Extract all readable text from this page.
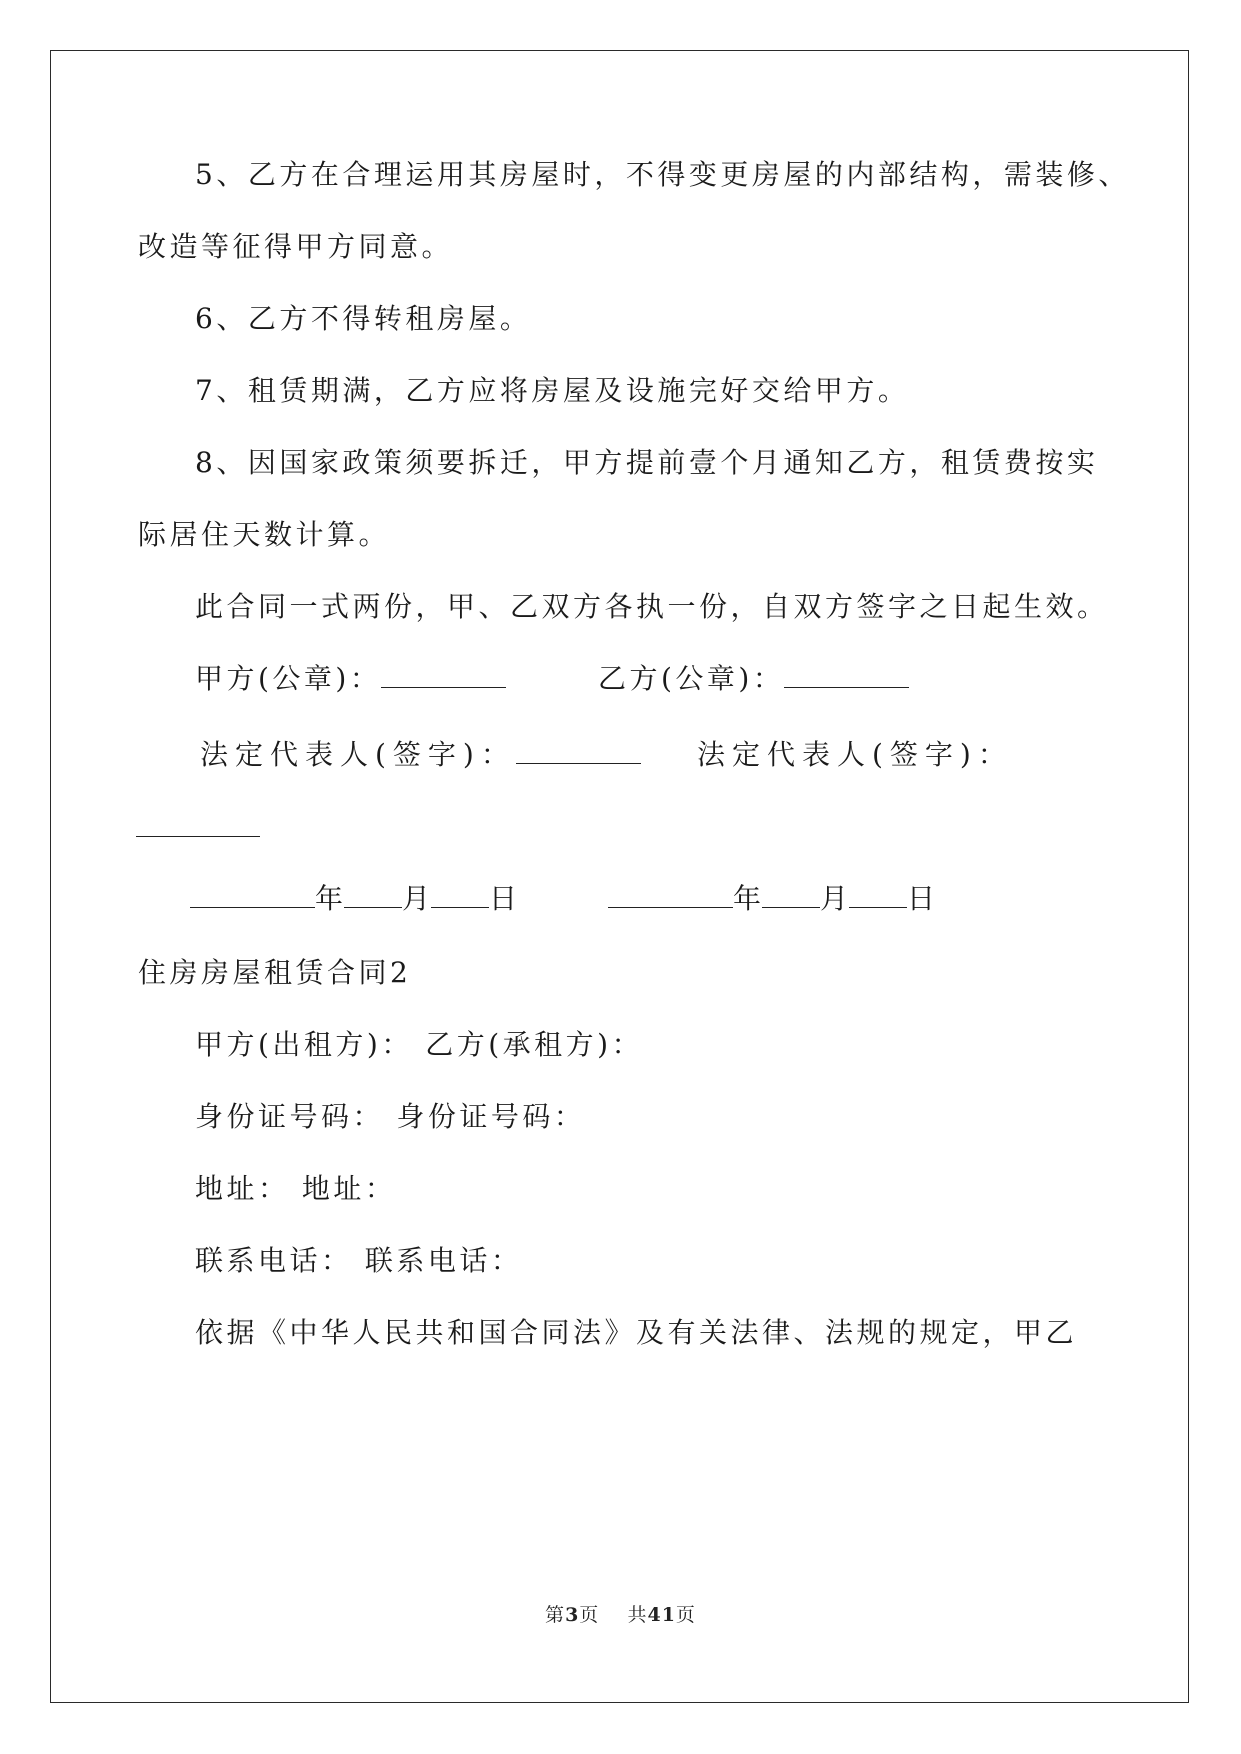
5、乙方在合理运用其房屋时，不得变更房屋的内部结构，需装修、
改造等征得甲方同意。
6、乙方不得转租房屋。
7、租赁期满，乙方应将房屋及设施完好交给甲方。
8、因国家政策须要拆迁，甲方提前壹个月通知乙方，租赁费按实
际居住天数计算。
此合同一式两份，甲、乙双方各执一份，自双方签字之日起生效。
甲方(公章)：	乙方(公章)：
法定代表人(签字)：	法定代表人(签字)：
年 月 日	年 月 日
住房房屋租赁合同2
甲方(出租方)： 乙方(承租方)：
身份证号码： 身份证号码：
地址： 地址：
联系电话： 联系电话：
依据《中华人民共和国合同法》及有关法律、法规的规定，甲乙
第3页    共41页
